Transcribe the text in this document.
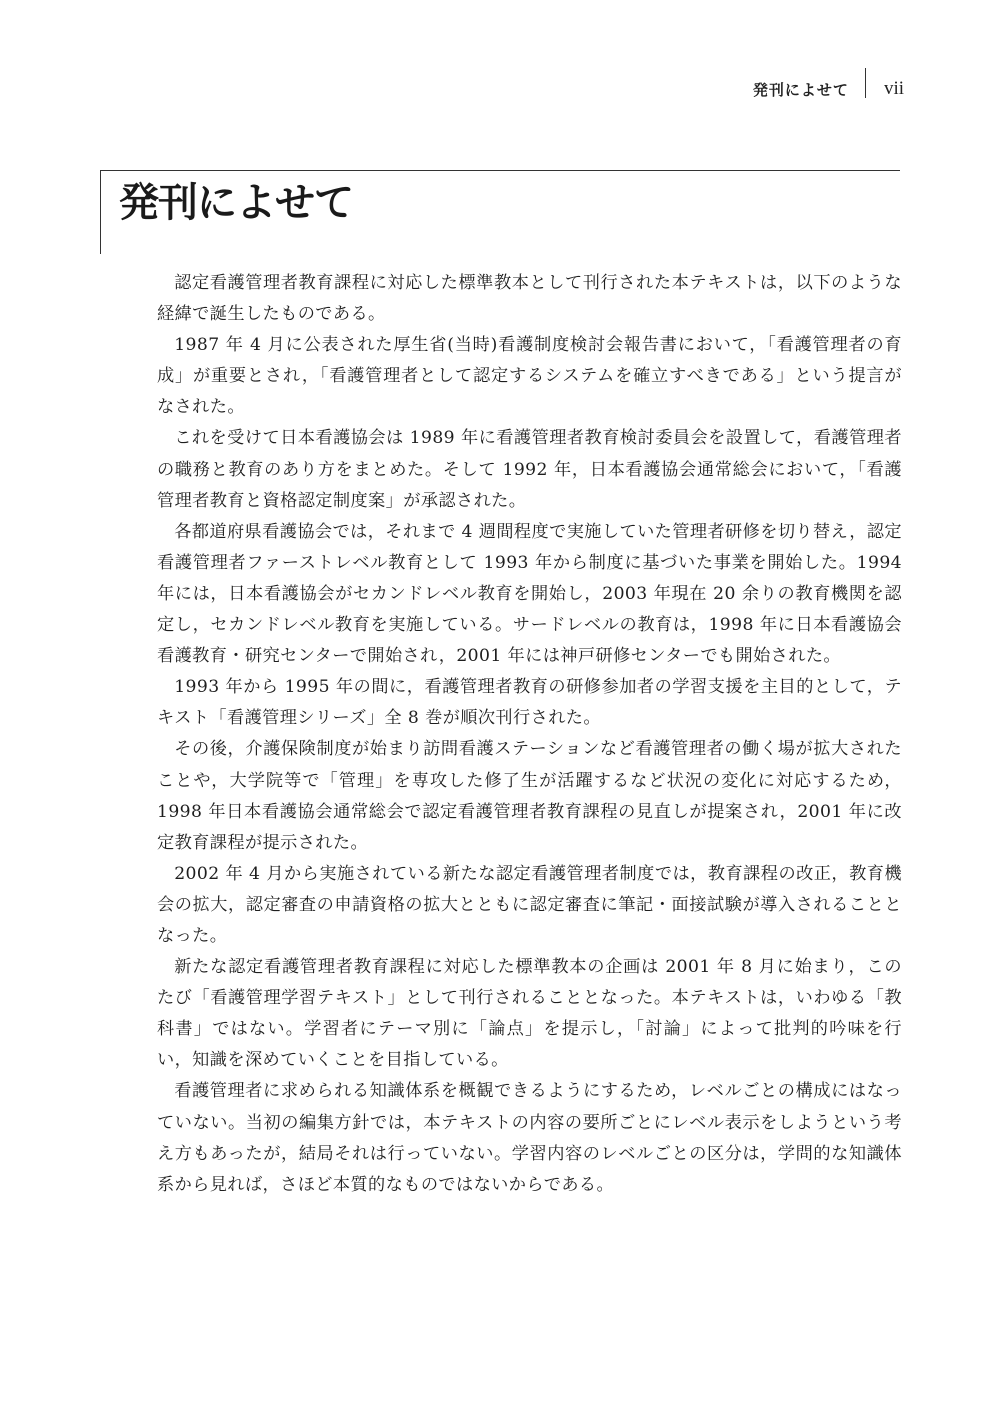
発刊によせて vii
発刊によせて

認定看護管理者教育課程に対応した標準教本として刊行された本テキストは，以下のような経緯で誕生したものである。

1987 年 4 月に公表された厚生省(当時)看護制度検討会報告書において，「看護管理者の育成」が重要とされ，「看護管理者として認定するシステムを確立すべきである」という提言がなされた。

これを受けて日本看護協会は 1989 年に看護管理者教育検討委員会を設置して，看護管理者の職務と教育のあり方をまとめた。そして 1992 年，日本看護協会通常総会において，「看護管理者教育と資格認定制度案」が承認された。

各都道府県看護協会では，それまで 4 週間程度で実施していた管理者研修を切り替え，認定看護管理者ファーストレベル教育として 1993 年から制度に基づいた事業を開始した。1994 年には，日本看護協会がセカンドレベル教育を開始し，2003 年現在 20 余りの教育機関を認定し，セカンドレベル教育を実施している。サードレベルの教育は，1998 年に日本看護協会看護教育・研究センターで開始され，2001 年には神戸研修センターでも開始された。

1993 年から 1995 年の間に，看護管理者教育の研修参加者の学習支援を主目的として，テキスト「看護管理シリーズ」全 8 巻が順次刊行された。

その後，介護保険制度が始まり訪問看護ステーションなど看護管理者の働く場が拡大されたことや，大学院等で「管理」を専攻した修了生が活躍するなど状況の変化に対応するため，1998 年日本看護協会通常総会で認定看護管理者教育課程の見直しが提案され，2001 年に改定教育課程が提示された。

2002 年 4 月から実施されている新たな認定看護管理者制度では，教育課程の改正，教育機会の拡大，認定審査の申請資格の拡大とともに認定審査に筆記・面接試験が導入されることとなった。

新たな認定看護管理者教育課程に対応した標準教本の企画は 2001 年 8 月に始まり，このたび「看護管理学習テキスト」として刊行されることとなった。本テキストは，いわゆる「教科書」ではない。学習者にテーマ別に「論点」を提示し，「討論」によって批判的吟味を行い，知識を深めていくことを目指している。

看護管理者に求められる知識体系を概観できるようにするため，レベルごとの構成にはなっていない。当初の編集方針では，本テキストの内容の要所ごとにレベル表示をしようという考え方もあったが，結局それは行っていない。学習内容のレベルごとの区分は，学問的な知識体系から見れば，さほど本質的なものではないからである。
